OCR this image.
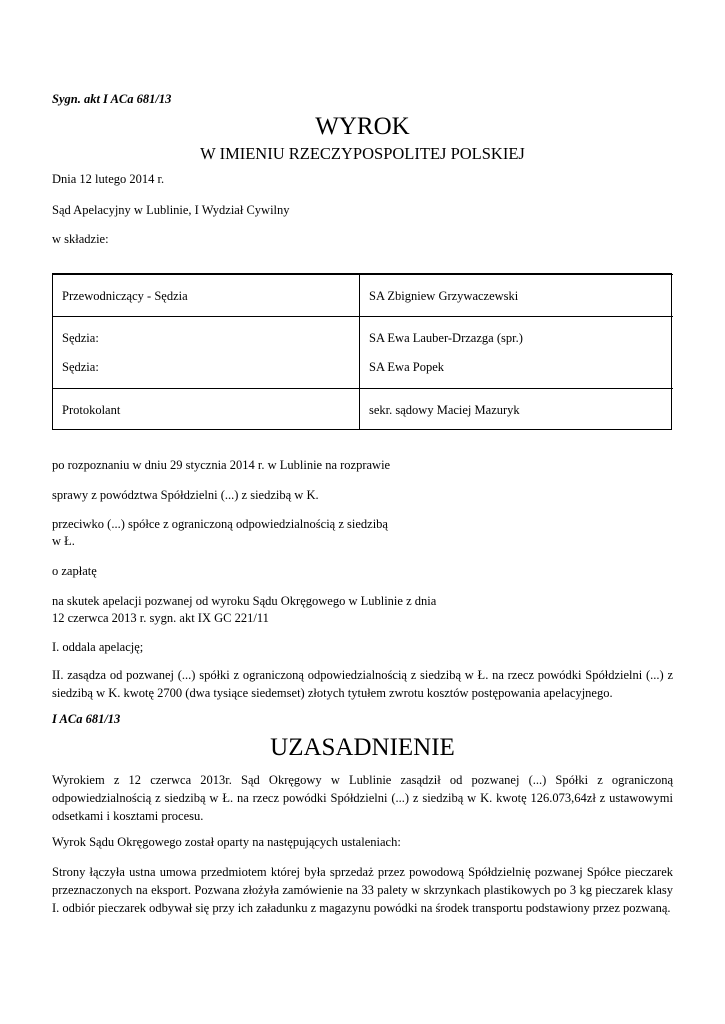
Sygn. akt I ACa 681/13
WYROK
W IMIENIU RZECZYPOSPOLITEJ POLSKIEJ

Dnia 12 lutego 2014 r.

Sąd Apelacyjny w Lublinie, I Wydział Cywilny

w składzie:

Przewodniczący - Sędzia	SA Zbigniew Grzywaczewski
Sędzia:	SA Ewa Lauber-Drzazga (spr.)
Sędzia:	SA Ewa Popek
Protokolant	sekr. sądowy Maciej Mazuryk

po rozpoznaniu w dniu 29 stycznia 2014 r. w Lublinie na rozprawie

sprawy z powództwa Spółdzielni (...) z siedzibą w K.

przeciwko (...) spółce z ograniczoną odpowiedzialnością z siedzibą

w Ł.

o zapłatę

na skutek apelacji pozwanej od wyroku Sądu Okręgowego w Lublinie z dnia

12 czerwca 2013 r. sygn. akt IX GC 221/11

I. oddala apelację;

II. zasądza od pozwanej (...) spółki z ograniczoną odpowiedzialnością z siedzibą w Ł. na rzecz powódki Spółdzielni (...) z siedzibą w K. kwotę 2700 (dwa tysiące siedemset) złotych tytułem zwrotu kosztów postępowania apelacyjnego.

I ACa 681/13
UZASADNIENIE

Wyrokiem z 12 czerwca 2013r. Sąd Okręgowy w Lublinie zasądził od pozwanej (...) Spółki z ograniczoną odpowiedzialnością z siedzibą w Ł. na rzecz powódki Spółdzielni (...) z siedzibą w K. kwotę 126.073,64zł z ustawowymi odsetkami i kosztami procesu.

Wyrok Sądu Okręgowego został oparty na następujących ustaleniach:

Strony łączyła ustna umowa przedmiotem której była sprzedaż przez powodową Spółdzielnię pozwanej Spółce pieczarek przeznaczonych na eksport. Pozwana złożyła zamówienie na 33 palety w skrzynkach plastikowych po 3 kg pieczarek klasy I. odbiór pieczarek odbywał się przy ich załadunku z magazynu powódki na środek transportu podstawiony przez pozwaną.
